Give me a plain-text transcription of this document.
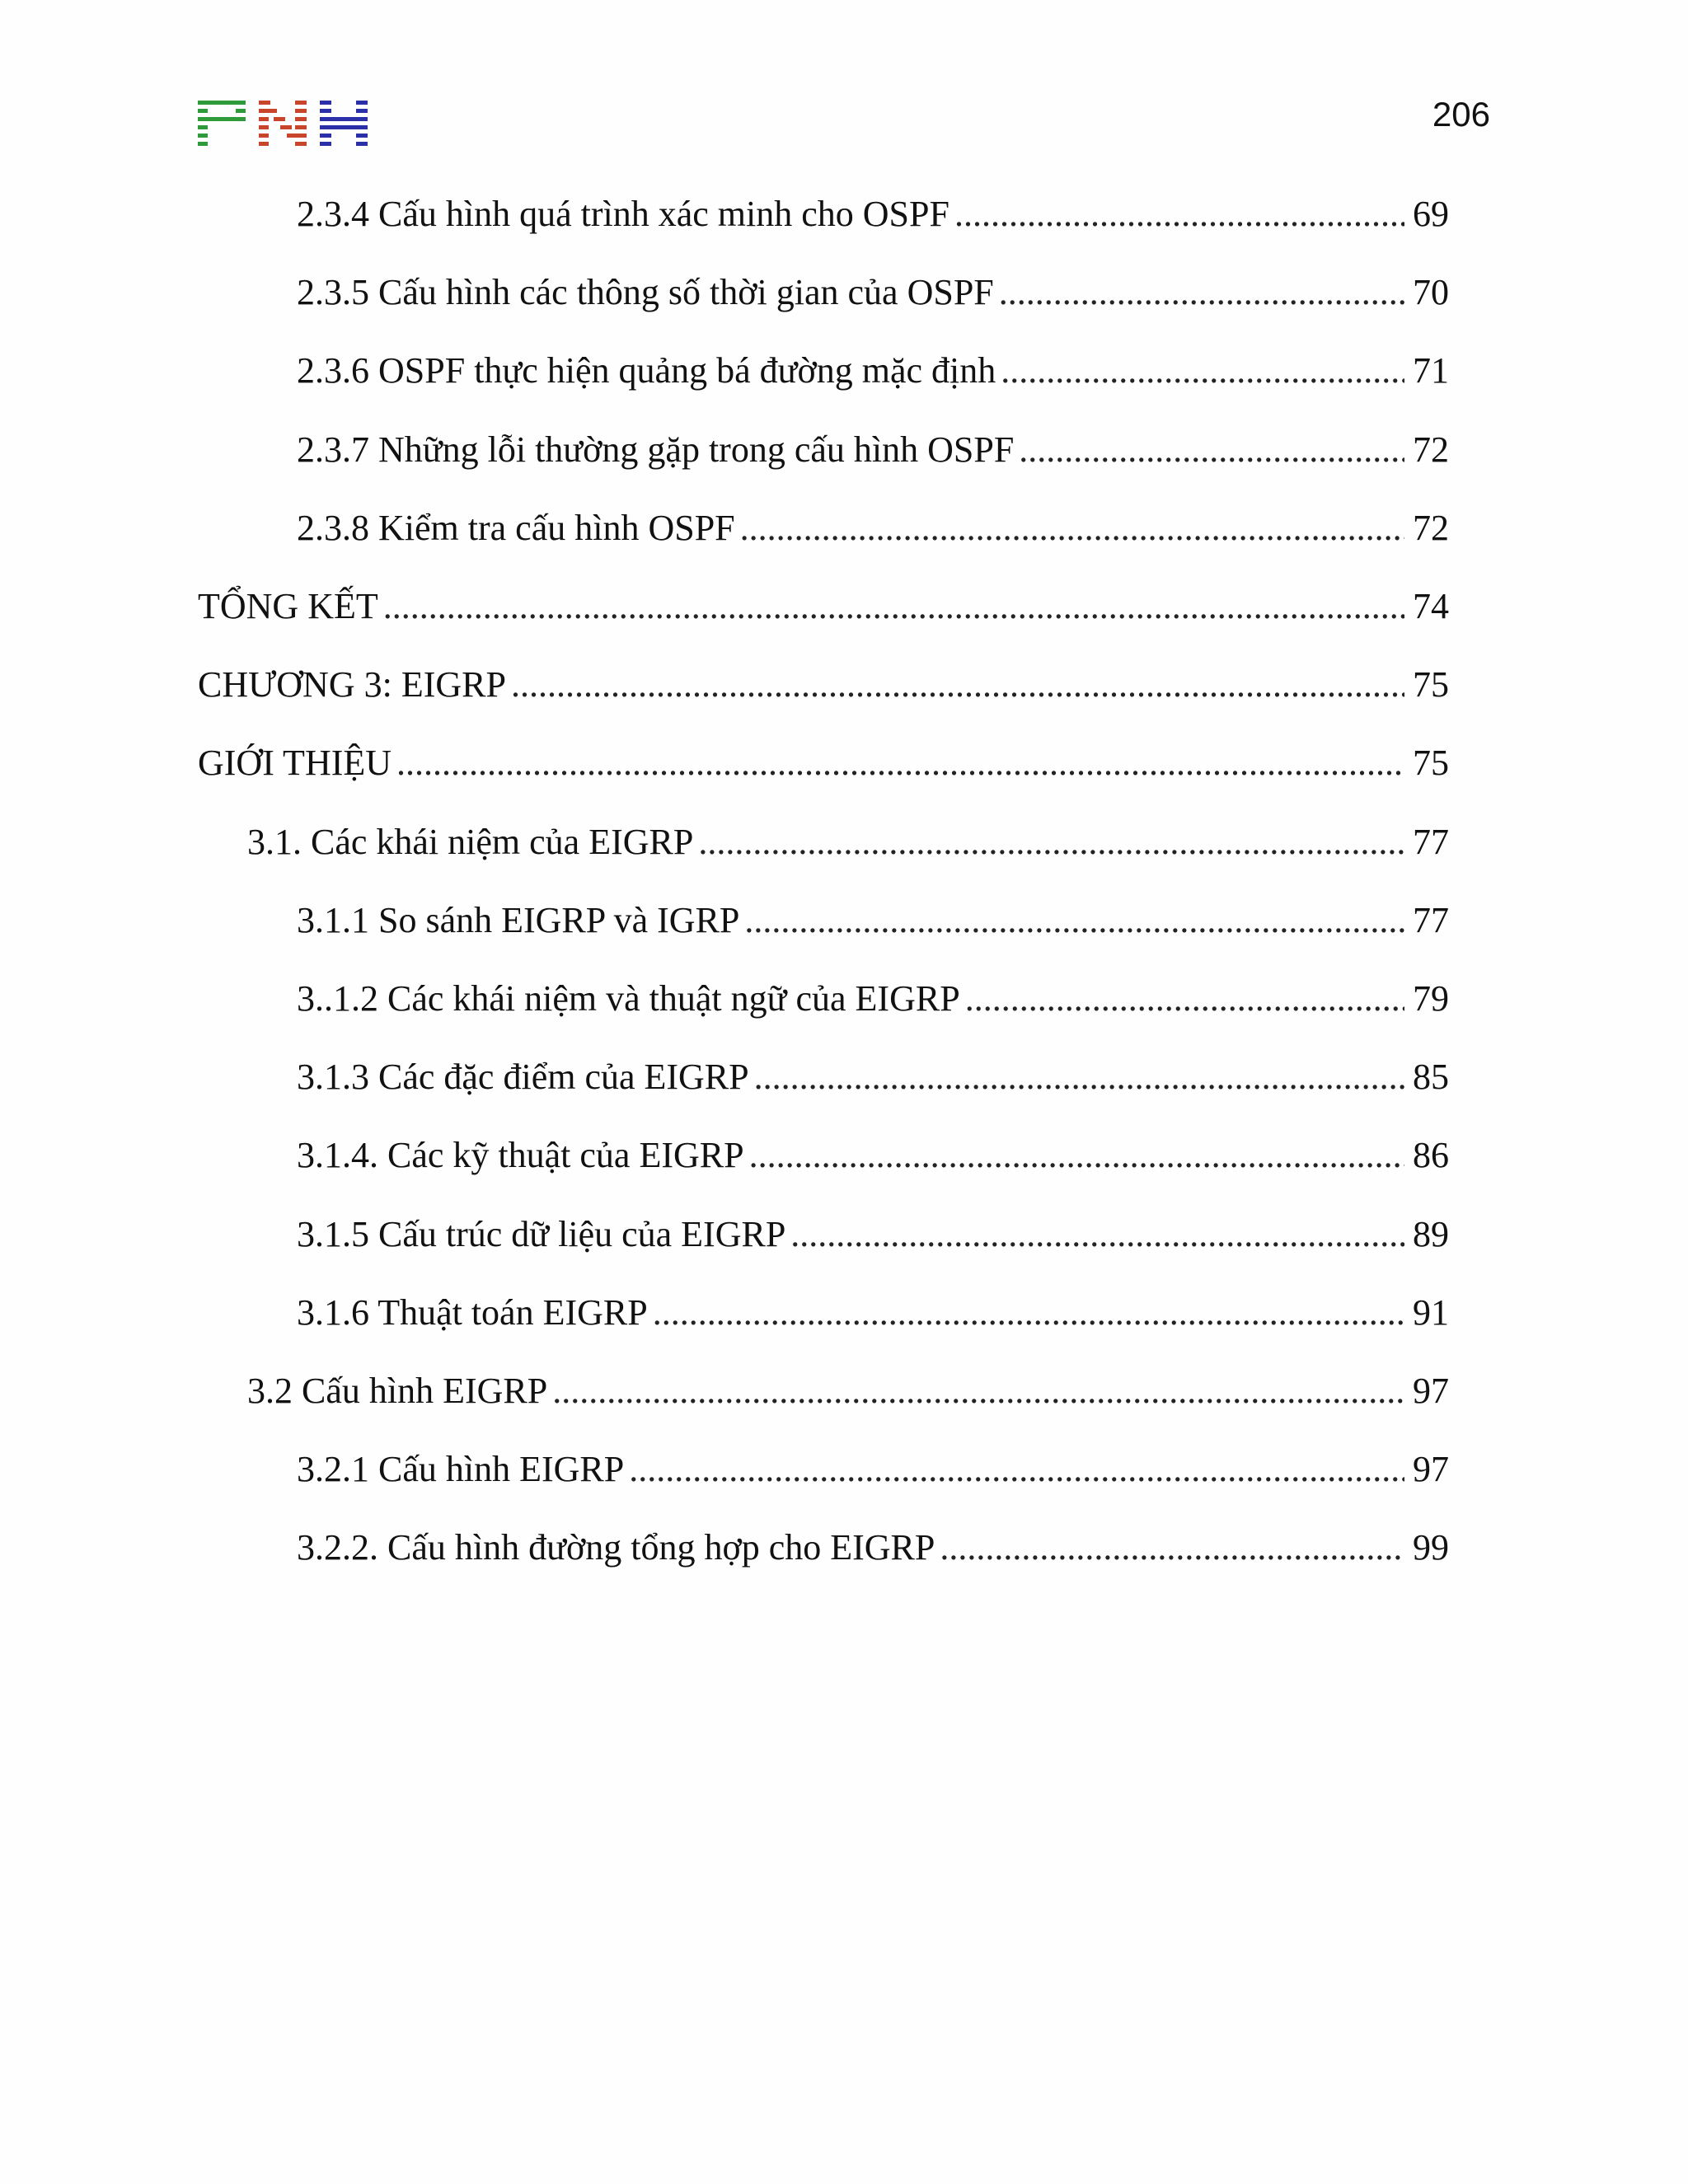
206
2.3.4 Cấu hình quá trình xác minh cho OSPF .....	69
2.3.5 Cấu hình các thông số thời gian của OSPF .....	70
2.3.6 OSPF thực hiện quảng bá đường mặc định .....	71
2.3.7 Những lỗi thường gặp trong cấu hình OSPF .....	72
2.3.8 Kiểm tra cấu hình OSPF .....	72
TỔNG KẾT .....	74
CHƯƠNG 3: EIGRP .....	75
GIỚI THIỆU .....	75
3.1. Các khái niệm của EIGRP .....	77
3.1.1 So sánh EIGRP và IGRP .....	77
3..1.2 Các khái niệm và thuật ngữ của EIGRP .....	79
3.1.3 Các đặc điểm của EIGRP .....	85
3.1.4. Các kỹ thuật của EIGRP .....	86
3.1.5 Cấu trúc dữ liệu của EIGRP .....	89
3.1.6 Thuật toán EIGRP .....	91
3.2 Cấu hình EIGRP .....	97
3.2.1 Cấu hình EIGRP .....	97
3.2.2. Cấu hình đường tổng hợp cho EIGRP .....	99
